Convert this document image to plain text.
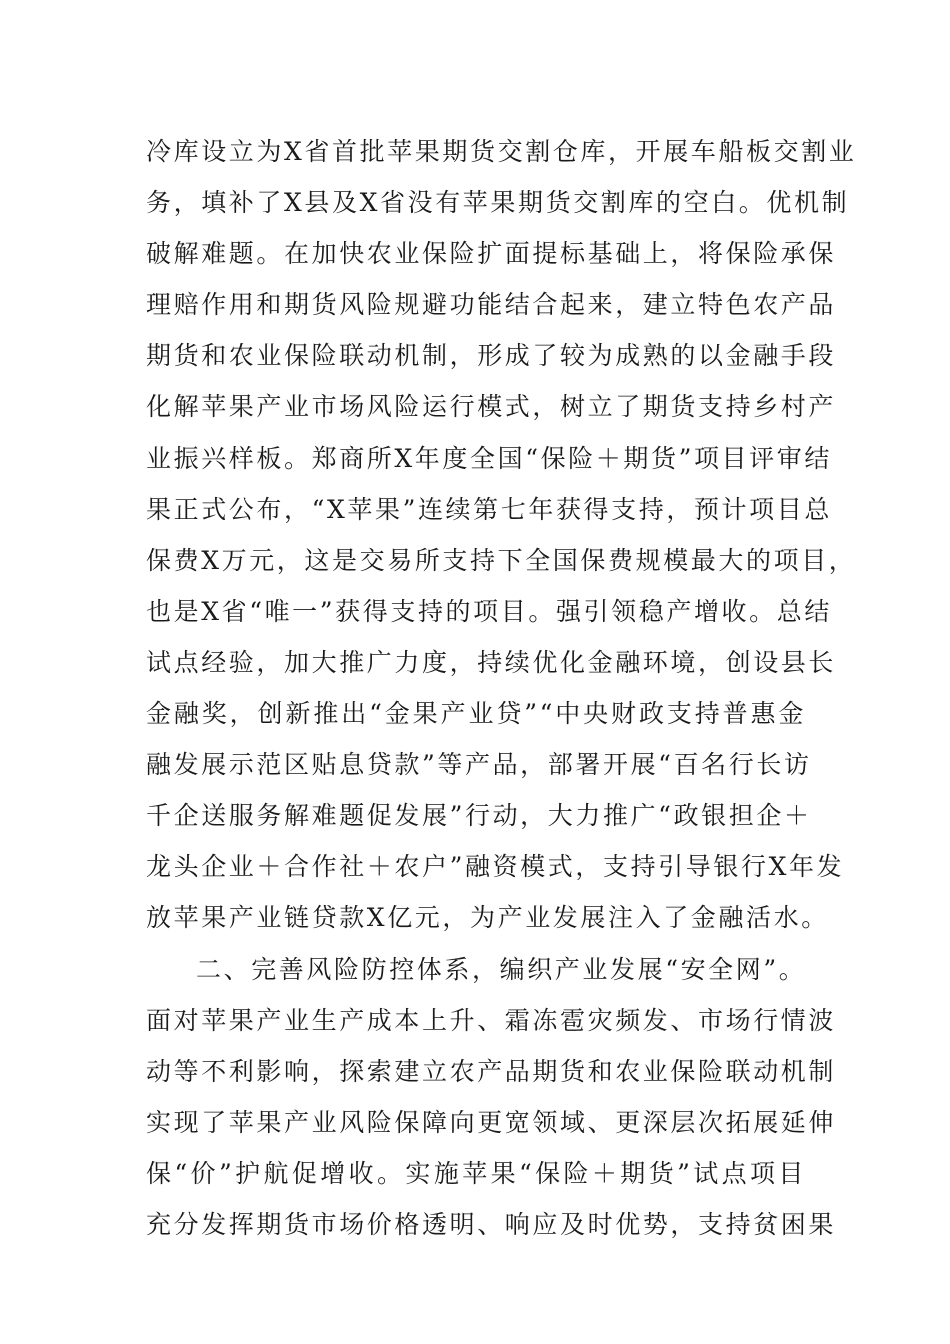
冷库设立为X省首批苹果期货交割仓库，开展车船板交割业
务，填补了X县及X省没有苹果期货交割库的空白。优机制
破解难题。在加快农业保险扩面提标基础上，将保险承保
理赔作用和期货风险规避功能结合起来，建立特色农产品
期货和农业保险联动机制，形成了较为成熟的以金融手段
化解苹果产业市场风险运行模式，树立了期货支持乡村产
业振兴样板。郑商所X年度全国“保险＋期货”项目评审结
果正式公布，“X苹果”连续第七年获得支持，预计项目总
保费X万元，这是交易所支持下全国保费规模最大的项目，
也是X省“唯一”获得支持的项目。强引领稳产增收。总结
试点经验，加大推广力度，持续优化金融环境，创设县长
金融奖，创新推出“金果产业贷”“中央财政支持普惠金
融发展示范区贴息贷款”等产品，部署开展“百名行长访
千企送服务解难题促发展”行动，大力推广“政银担企＋
龙头企业＋合作社＋农户”融资模式，支持引导银行X年发
放苹果产业链贷款X亿元，为产业发展注入了金融活水。
二、完善风险防控体系，编织产业发展“安全网”。
面对苹果产业生产成本上升、霜冻雹灾频发、市场行情波
动等不利影响，探索建立农产品期货和农业保险联动机制
实现了苹果产业风险保障向更宽领域、更深层次拓展延伸
保“价”护航促增收。实施苹果“保险＋期货”试点项目
充分发挥期货市场价格透明、响应及时优势，支持贫困果
